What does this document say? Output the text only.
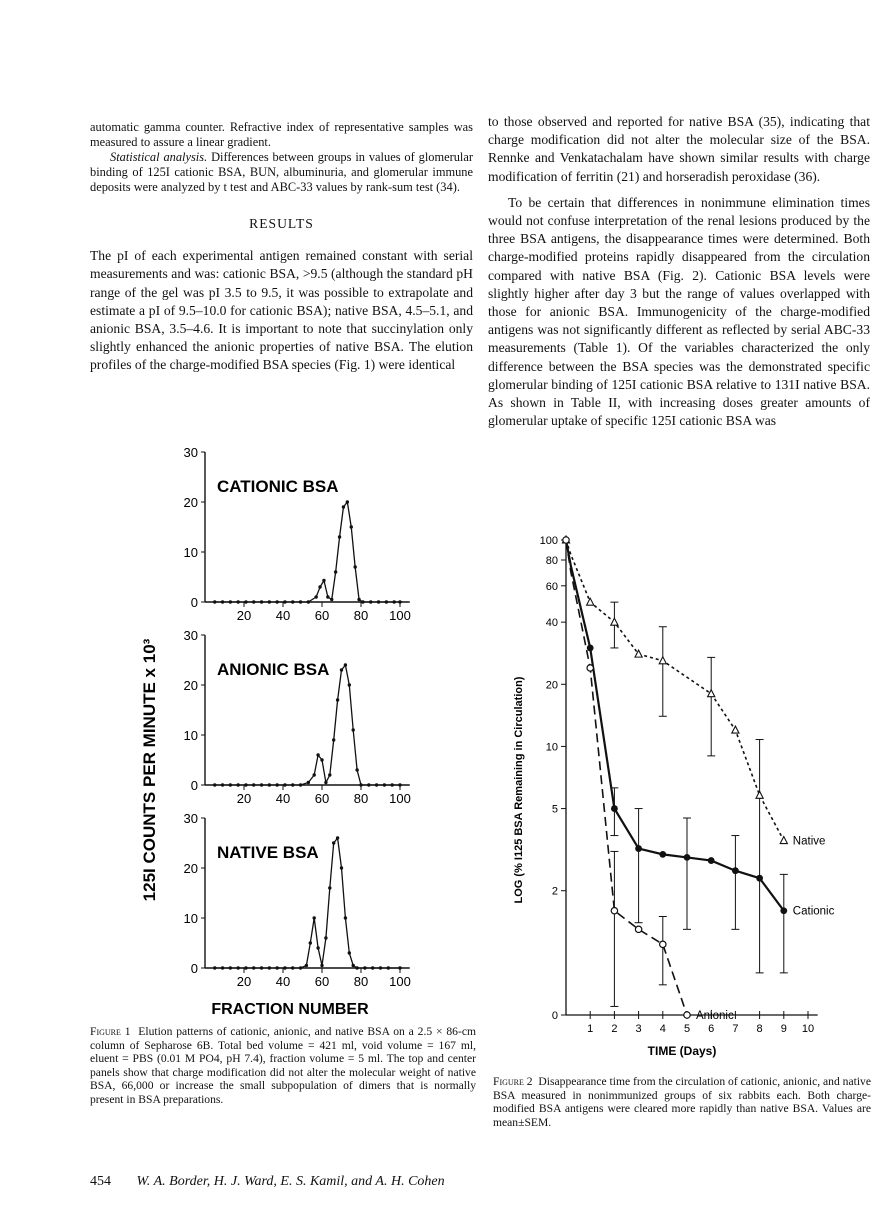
automatic gamma counter. Refractive index of representative samples was measured to assure a linear gradient.

Statistical analysis. Differences between groups in values of glomerular binding of 125I cationic BSA, BUN, albuminuria, and glomerular immune deposits were analyzed by t test and ABC-33 values by rank-sum test (34).

RESULTS

The pI of each experimental antigen remained constant with serial measurements and was: cationic BSA, >9.5 (although the standard pH range of the gel was pI 3.5 to 9.5, it was possible to extrapolate and estimate a pI of 9.5–10.0 for cationic BSA); native BSA, 4.5–5.1, and anionic BSA, 3.5–4.6. It is important to note that succinylation only slightly enhanced the anionic properties of native BSA. The elution profiles of the charge-modified BSA species (Fig. 1) were identical

to those observed and reported for native BSA (35), indicating that charge modification did not alter the molecular size of the BSA. Rennke and Venkatachalam have shown similar results with charge modification of ferritin (21) and horseradish peroxidase (36).

To be certain that differences in nonimmune elimination times would not confuse interpretation of the renal lesions produced by the three BSA antigens, the disappearance times were determined. Both charge-modified proteins rapidly disappeared from the circulation compared with native BSA (Fig. 2). Cationic BSA levels were slightly higher after day 3 but the range of values overlapped with those for anionic BSA. Immunogenicity of the charge-modified antigens was not significantly different as reflected by serial ABC-33 measurements (Table 1). Of the variables characterized the only difference between the BSA species was the demonstrated specific glomerular binding of 125I cationic BSA relative to 131I native BSA. As shown in Table II, with increasing doses greater amounts of glomerular uptake of specific 125I cationic BSA was

125I COUNTS PER MINUTE x 10³
FRACTION NUMBER
0
10
20
30
20 40 60 80 100
CATIONIC BSA
0
10
20
30
20 40 60 80 100
ANIONIC BSA
0
10
20
30
20 40 60 80 100
NATIVE BSA
Figure 1 Elution patterns of cationic, anionic, and native BSA on a 2.5 × 86-cm column of Sepharose 6B. Total bed volume = 421 ml, void volume = 167 ml, eluent = PBS (0.01 M PO4, pH 7.4), fraction volume = 5 ml. The top and center panels show that charge modification did not alter the molecular weight of native BSA, 66,000 or increase the small subpopulation of dimers that is normally present in BSA preparations.
LOG (% I125 BSA Remaining in Circulation)
TIME (Days)
0
2
5
10
20
40
60
80
100
1 2 3 4 5 6 7 8 9 10
Native
Cationic
Anionic
Figure 2 Disappearance time from the circulation of cationic, anionic, and native BSA measured in nonimmunized groups of six rabbits each. Both charge-modified BSA antigens were cleared more rapidly than native BSA. Values are mean±SEM.
454 W. A. Border, H. J. Ward, E. S. Kamil, and A. H. Cohen
